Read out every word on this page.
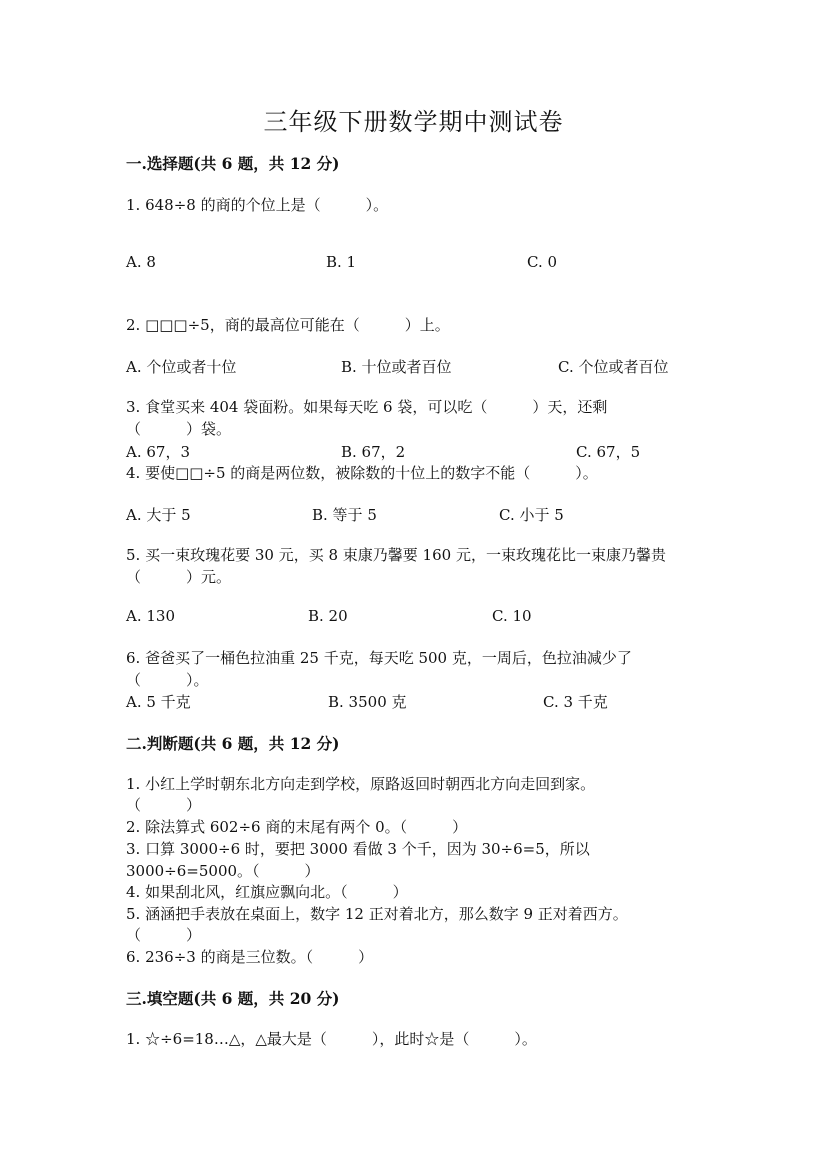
三年级下册数学期中测试卷
一.选择题(共 6 题，共 12 分)
1. 648÷8 的商的个位上是（　　　）。
A. 8	B. 1	C. 0
2. □□□÷5，商的最高位可能在（　　　）上。
A. 个位或者十位	B. 十位或者百位	C. 个位或者百位
3. 食堂买来 404 袋面粉。如果每天吃 6 袋，可以吃（　　　）天，还剩
（　　　）袋。
A. 67，3	B. 67，2	C. 67，5
4. 要使□□÷5 的商是两位数，被除数的十位上的数字不能（　　　）。
A. 大于 5	B. 等于 5	C. 小于 5
5. 买一束玫瑰花要 30 元，买 8 束康乃馨要 160 元，一束玫瑰花比一束康乃馨贵
（　　　）元。
A. 130	B. 20	C. 10
6. 爸爸买了一桶色拉油重 25 千克，每天吃 500 克，一周后，色拉油减少了
（　　　）。
A. 5 千克	B. 3500 克	C. 3 千克
二.判断题(共 6 题，共 12 分)
1. 小红上学时朝东北方向走到学校，原路返回时朝西北方向走回到家。
（　　　）
2. 除法算式 602÷6 商的末尾有两个 0。（　　　）
3. 口算 3000÷6 时，要把 3000 看做 3 个千，因为 30÷6=5，所以
3000÷6=5000。（　　　）
4. 如果刮北风，红旗应飘向北。（　　　）
5. 涵涵把手表放在桌面上，数字 12 正对着北方，那么数字 9 正对着西方。
（　　　）
6. 236÷3 的商是三位数。（　　　）
三.填空题(共 6 题，共 20 分)
1. ☆÷6=18…△，△最大是（　　　），此时☆是（　　　）。
